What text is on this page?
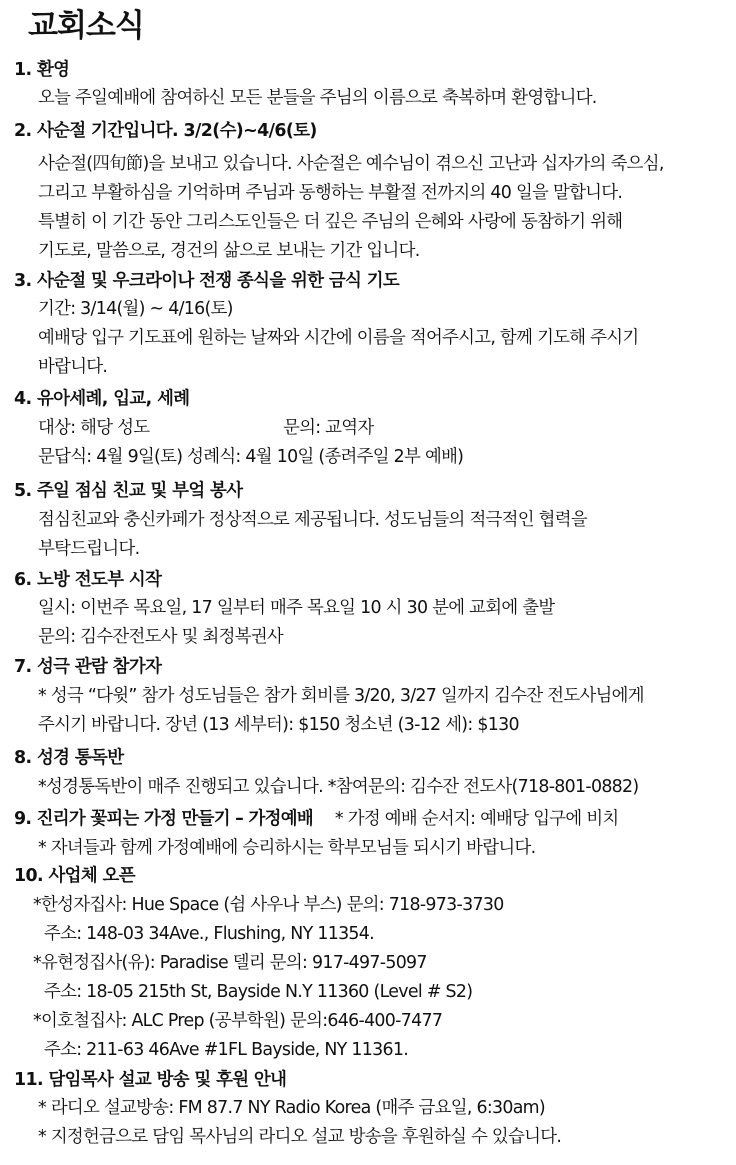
교회소식
1. 환영
오늘 주일예배에 참여하신 모든 분들을 주님의 이름으로 축복하며 환영합니다.
2. 사순절 기간입니다. 3/2(수)~4/6(토)
사순절(四旬節)을 보내고 있습니다. 사순절은 예수님이 겪으신 고난과 십자가의 죽으심,
그리고 부활하심을 기억하며 주님과 동행하는 부활절 전까지의 40 일을 말합니다.
특별히 이 기간 동안 그리스도인들은 더 깊은 주님의 은혜와 사랑에 동참하기 위해
기도로, 말씀으로, 경건의 삶으로 보내는 기간 입니다.
3. 사순절 및 우크라이나 전쟁 종식을 위한 금식 기도
기간: 3/14(월) ~ 4/16(토)
예배당 입구 기도표에 원하는 날짜와 시간에 이름을 적어주시고, 함께 기도해 주시기
바랍니다.
4. 유아세례, 입교, 세례
대상: 해당 성도	문의: 교역자
문답식: 4월 9일(토) 성례식: 4월 10일 (종려주일 2부 예배)
5. 주일 점심 친교 및 부엌 봉사
점심친교와 충신카페가 정상적으로 제공됩니다. 성도님들의 적극적인 협력을
부탁드립니다.
6. 노방 전도부 시작
일시: 이번주 목요일, 17 일부터 매주 목요일 10 시 30 분에 교회에 출발
문의: 김수잔전도사 및 최정복권사
7. 성극 관람 참가자
* 성극 “다윗” 참가 성도님들은 참가 회비를 3/20, 3/27 일까지 김수잔 전도사님에게
주시기 바랍니다. 장년 (13 세부터): $150 청소년 (3-12 세): $130
8. 성경 통독반
*성경통독반이 매주 진행되고 있습니다. *참여문의: 김수잔 전도사(718-801-0882)
9. 진리가 꽃피는 가정 만들기 – 가정예배 * 가정 예배 순서지: 예배당 입구에 비치
* 자녀들과 함께 가정예배에 승리하시는 학부모님들 되시기 바랍니다.
10. 사업체 오픈
*한성자집사: Hue Space (쉼 사우나 부스) 문의: 718-973-3730
주소: 148-03 34Ave., Flushing, NY 11354.
*유현정집사(유): Paradise 델리 문의: 917-497-5097
주소: 18-05 215th St, Bayside N.Y 11360 (Level # S2)
*이호철집사: ALC Prep (공부학원) 문의:646-400-7477
주소: 211-63 46Ave #1FL Bayside, NY 11361.
11. 담임목사 설교 방송 및 후원 안내
* 라디오 설교방송: FM 87.7 NY Radio Korea (매주 금요일, 6:30am)
* 지정헌금으로 담임 목사님의 라디오 설교 방송을 후원하실 수 있습니다.
